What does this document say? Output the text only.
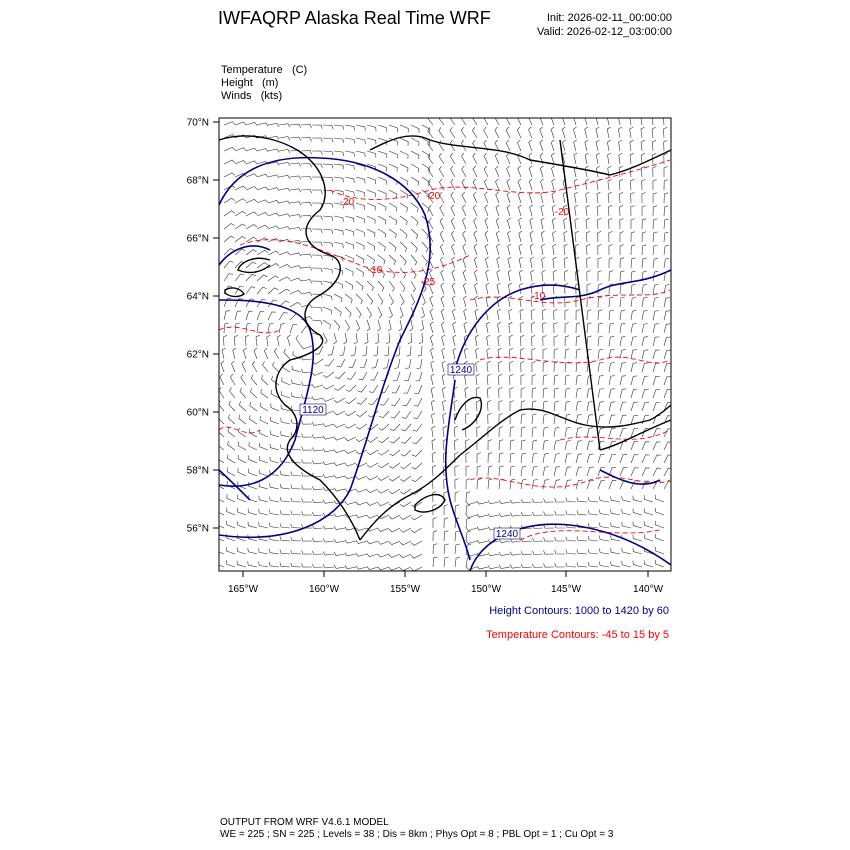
IWFAQRP Alaska Real Time WRF	Init: 2026-02-11_00:00:00
Valid: 2026-02-12_03:00:00
Temperature (C)
Height (m)
Winds (kts)
70°N
68°N
66°N
64°N
62°N
60°N
58°N
56°N
165°W	160°W	155°W	150°W	145°W	140°W
1120
1240
1240
-20
-20
-10
-25
-20
-10
Height Contours: 1000 to 1420 by 60
Temperature Contours: -45 to 15 by 5
OUTPUT FROM WRF V4.6.1 MODEL
WE = 225 ; SN = 225 ; Levels = 38 ; Dis = 8km ; Phys Opt = 8 ; PBL Opt = 1 ; Cu Opt = 3
